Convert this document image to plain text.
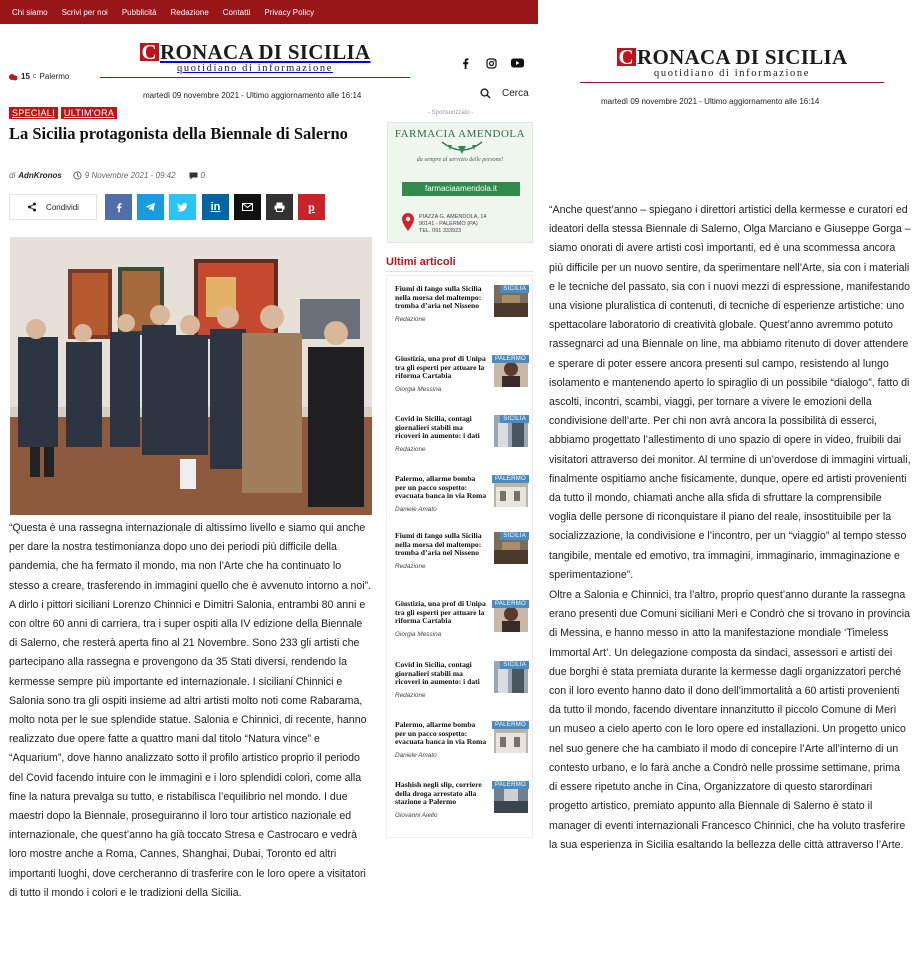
Chi siamo Scrivi per noi Pubblicità Redazione Contatti Privacy Policy
15 C Palermo
C RONACA DI SICILIA
quotidiano di informazione
martedì 09 novembre 2021 - Ultimo aggiornamento alle 16:14	Cerca
C RONACA DI SICILIA
quotidiano di informazione
martedì 09 novembre 2021 - Ultimo aggiornamento alle 16:14
SPECIALI	ULTIM'ORA
La Sicilia protagonista della Biennale di Salerno
di AdnKronos	9 Novembre 2021 - 09:42	0
Condividi	in	p

“Questa è una rassegna internazionale di altissimo livello e siamo qui anche per dare la nostra testimonianza dopo uno dei periodi più difficile della pandemia, che ha fermato il mondo, ma non l’Arte che ha continuato lo stesso a creare, trasferendo in immagini quello che è avvenuto intorno a noi”. A dirlo i pittori siciliani Lorenzo Chinnici e Dimitri Salonia, entrambi 80 anni e con oltre 60 anni di carriera, tra i super ospiti alla IV edizione della Biennale di Salerno, che resterà aperta fino al 21 Novembre. Sono 233 gli artisti che partecipano alla rassegna e provengono da 35 Stati diversi, rendendo la kermesse sempre più importante ed internazionale. I siciliani Chinnici e Salonia sono tra gli ospiti insieme ad altri artisti molto noti come Rabarama, molto nota per le sue splendide statue. Salonia e Chinnici, di recente, hanno realizzato due opere fatte a quattro mani dal titolo “Natura vince” e “Aquarium”, dove hanno analizzato sotto il profilo artistico proprio il periodo del Covid facendo intuire con le immagini e i loro splendidi colori, come alla fine la natura prevalga su tutto, e ristabilisca l’equilibrio nel mondo. I due maestri dopo la Biennale, proseguiranno il loro tour artistico nazionale ed internazionale, che quest’anno ha già toccato Stresa e Castrocaro e vedrà loro mostre anche a Roma, Cannes, Shanghai, Dubai, Toronto ed altri importanti luoghi, dove cercheranno di trasferire con le loro opere a visitatori di tutto il mondo i colori e le tradizioni della Sicilia.

- Sponsorizzato -
FARMACIA AMENDOLA
da sempre al servizio delle persone!
farmaciaamendola.it
PIAZZA G. AMENDOLA, 14
90141 - PALERMO (PA)
TEL. 091 333923
Ultimi articoli
Fiumi di fango sulla Sicilia nella morsa del maltempo: tromba d’aria nel Nisseno
Redazione
SICILIA
Giustizia, una prof di Unipa tra gli esperti per attuare la riforma Cartabia
Giorgia Messina
PALERMO
Covid in Sicilia, contagi giornalieri stabili ma ricoveri in aumento: i dati
Redazione
SICILIA
Palermo, allarme bomba per un pacco sospetto: evacuata banca in via Roma
Daniele Amato
PALERMO
Fiumi di fango sulla Sicilia nella morsa del maltempo: tromba d’aria nel Nisseno
Redazione
SICILIA
Giustizia, una prof di Unipa tra gli esperti per attuare la riforma Cartabia
Giorgia Messina
PALERMO
Covid in Sicilia, contagi giornalieri stabili ma ricoveri in aumento: i dati
Redazione
SICILIA
Palermo, allarme bomba per un pacco sospetto: evacuata banca in via Roma
Daniele Amato
PALERMO
Hashish negli slip, corriere della droga arrestato alla stazione a Palermo
Giovanni Aiello
PALERMO

“Anche quest’anno – spiegano i direttori artistici della kermesse e curatori ed ideatori della stessa Biennale di Salerno, Olga Marciano e Giuseppe Gorga – siamo onorati di avere artisti così importanti, ed è una scommessa ancora più difficile per un nuovo sentire, da sperimentare nell’Arte, sia con i materiali e le tecniche del passato, sia con i nuovi mezzi di espressione, manifestando una visione pluralistica di contenuti, di tecniche di esperienze artistiche: uno spettacolare laboratorio di creatività globale. Quest’anno avremmo potuto rassegnarci ad una Biennale on line, ma abbiamo ritenuto di dover attendere e sperare di poter essere ancora presenti sul campo, resistendo al lungo isolamento e mantenendo aperto lo spiraglio di un possibile “dialogo”, fatto di ascolti, incontri, scambi, viaggi, per tornare a vivere le emozioni della condivisione dell’arte. Per chi non avrà ancora la possibilità di esserci, abbiamo progettato l’allestimento di uno spazio di opere in video, fruibili dai visitatori attraverso dei monitor. Al termine di un’overdose di immagini virtuali, finalmente ospitiamo anche fisicamente, dunque, opere ed artisti provenienti da tutto il mondo, chiamati anche alla sfida di sfruttare la comprensibile voglia delle persone di riconquistare il piano del reale, insostituibile per la socializzazione, la condivisione e l’incontro, per un “viaggio” al tempo stesso tangibile, mentale ed emotivo, tra immagini, immaginario, immaginazione e sperimentazione”.

Oltre a Salonia e Chinnici, tra l’altro, proprio quest’anno durante la rassegna erano presenti due Comuni siciliani Merì e Condrò che si trovano in provincia di Messina, e hanno messo in atto la manifestazione mondiale ‘Timeless Immortal Art’. Un delegazione composta da sindaci, assessori e artisti dei due borghi è stata premiata durante la kermesse dagli organizzatori perché con il loro evento hanno dato il dono dell’immortalità a 60 artisti provenienti da tutto il mondo, facendo diventare innanzitutto il piccolo Comune di Merì un museo a cielo aperto con le loro opere ed installazioni. Un progetto unico nel suo genere che ha cambiato il modo di concepire l’Arte all’interno di un contesto urbano, e lo farà anche a Condrò nelle prossime settimane, prima di essere ripetuto anche in Cina, Organizzatore di questo starordinari progetto artistico, premiato appunto alla Biennale di Salerno è stato il manager di eventi internazionali Francesco Chinnici, che ha voluto trasferire la sua esperienza in Sicilia esaltando la bellezza delle città attraverso l’Arte.
